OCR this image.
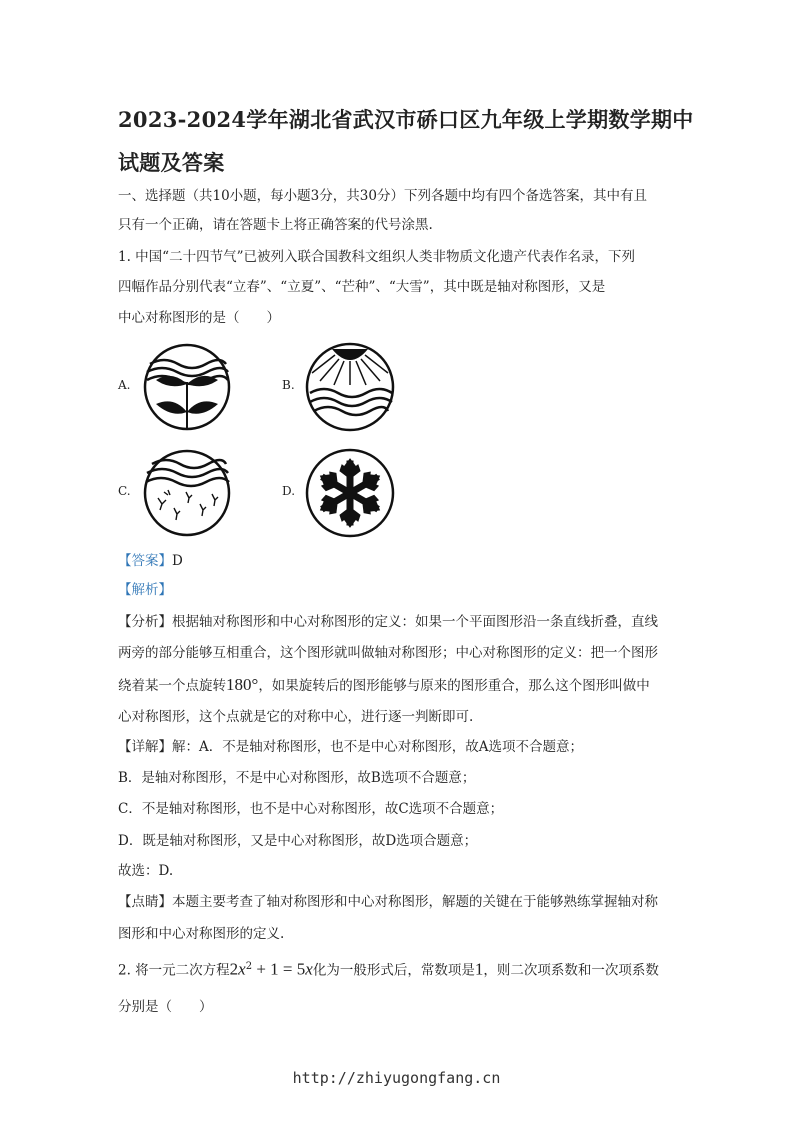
2023-2024学年湖北省武汉市硚口区九年级上学期数学期中
试题及答案
一、选择题（共10小题，每小题3分，共30分）下列各题中均有四个备选答案，其中有且
只有一个正确，请在答题卡上将正确答案的代号涂黑.
1. 中国“二十四节气”已被列入联合国教科文组织人类非物质文化遗产代表作名录，下列
四幅作品分别代表“立春”、“立夏”、“芒种”、“大雪”，其中既是轴对称图形，又是
中心对称图形的是（　　）
A.	B.
C.	D.
【答案】D
【解析】
【分析】根据轴对称图形和中心对称图形的定义：如果一个平面图形沿一条直线折叠，直线
两旁的部分能够互相重合，这个图形就叫做轴对称图形；中心对称图形的定义：把一个图形
绕着某一个点旋转180°，如果旋转后的图形能够与原来的图形重合，那么这个图形叫做中
心对称图形，这个点就是它的对称中心，进行逐一判断即可.
【详解】解：A．不是轴对称图形，也不是中心对称图形，故A选项不合题意；
B．是轴对称图形，不是中心对称图形，故B选项不合题意；
C．不是轴对称图形，也不是中心对称图形，故C选项不合题意；
D．既是轴对称图形，又是中心对称图形，故D选项合题意；
故选：D.
【点睛】本题主要考查了轴对称图形和中心对称图形，解题的关键在于能够熟练掌握轴对称
图形和中心对称图形的定义.
2. 将一元二次方程$2x^2 + 1 = 5x$化为一般形式后，常数项是1，则二次项系数和一次项系数
分别是（　　）
http://zhiyugongfang.cn
